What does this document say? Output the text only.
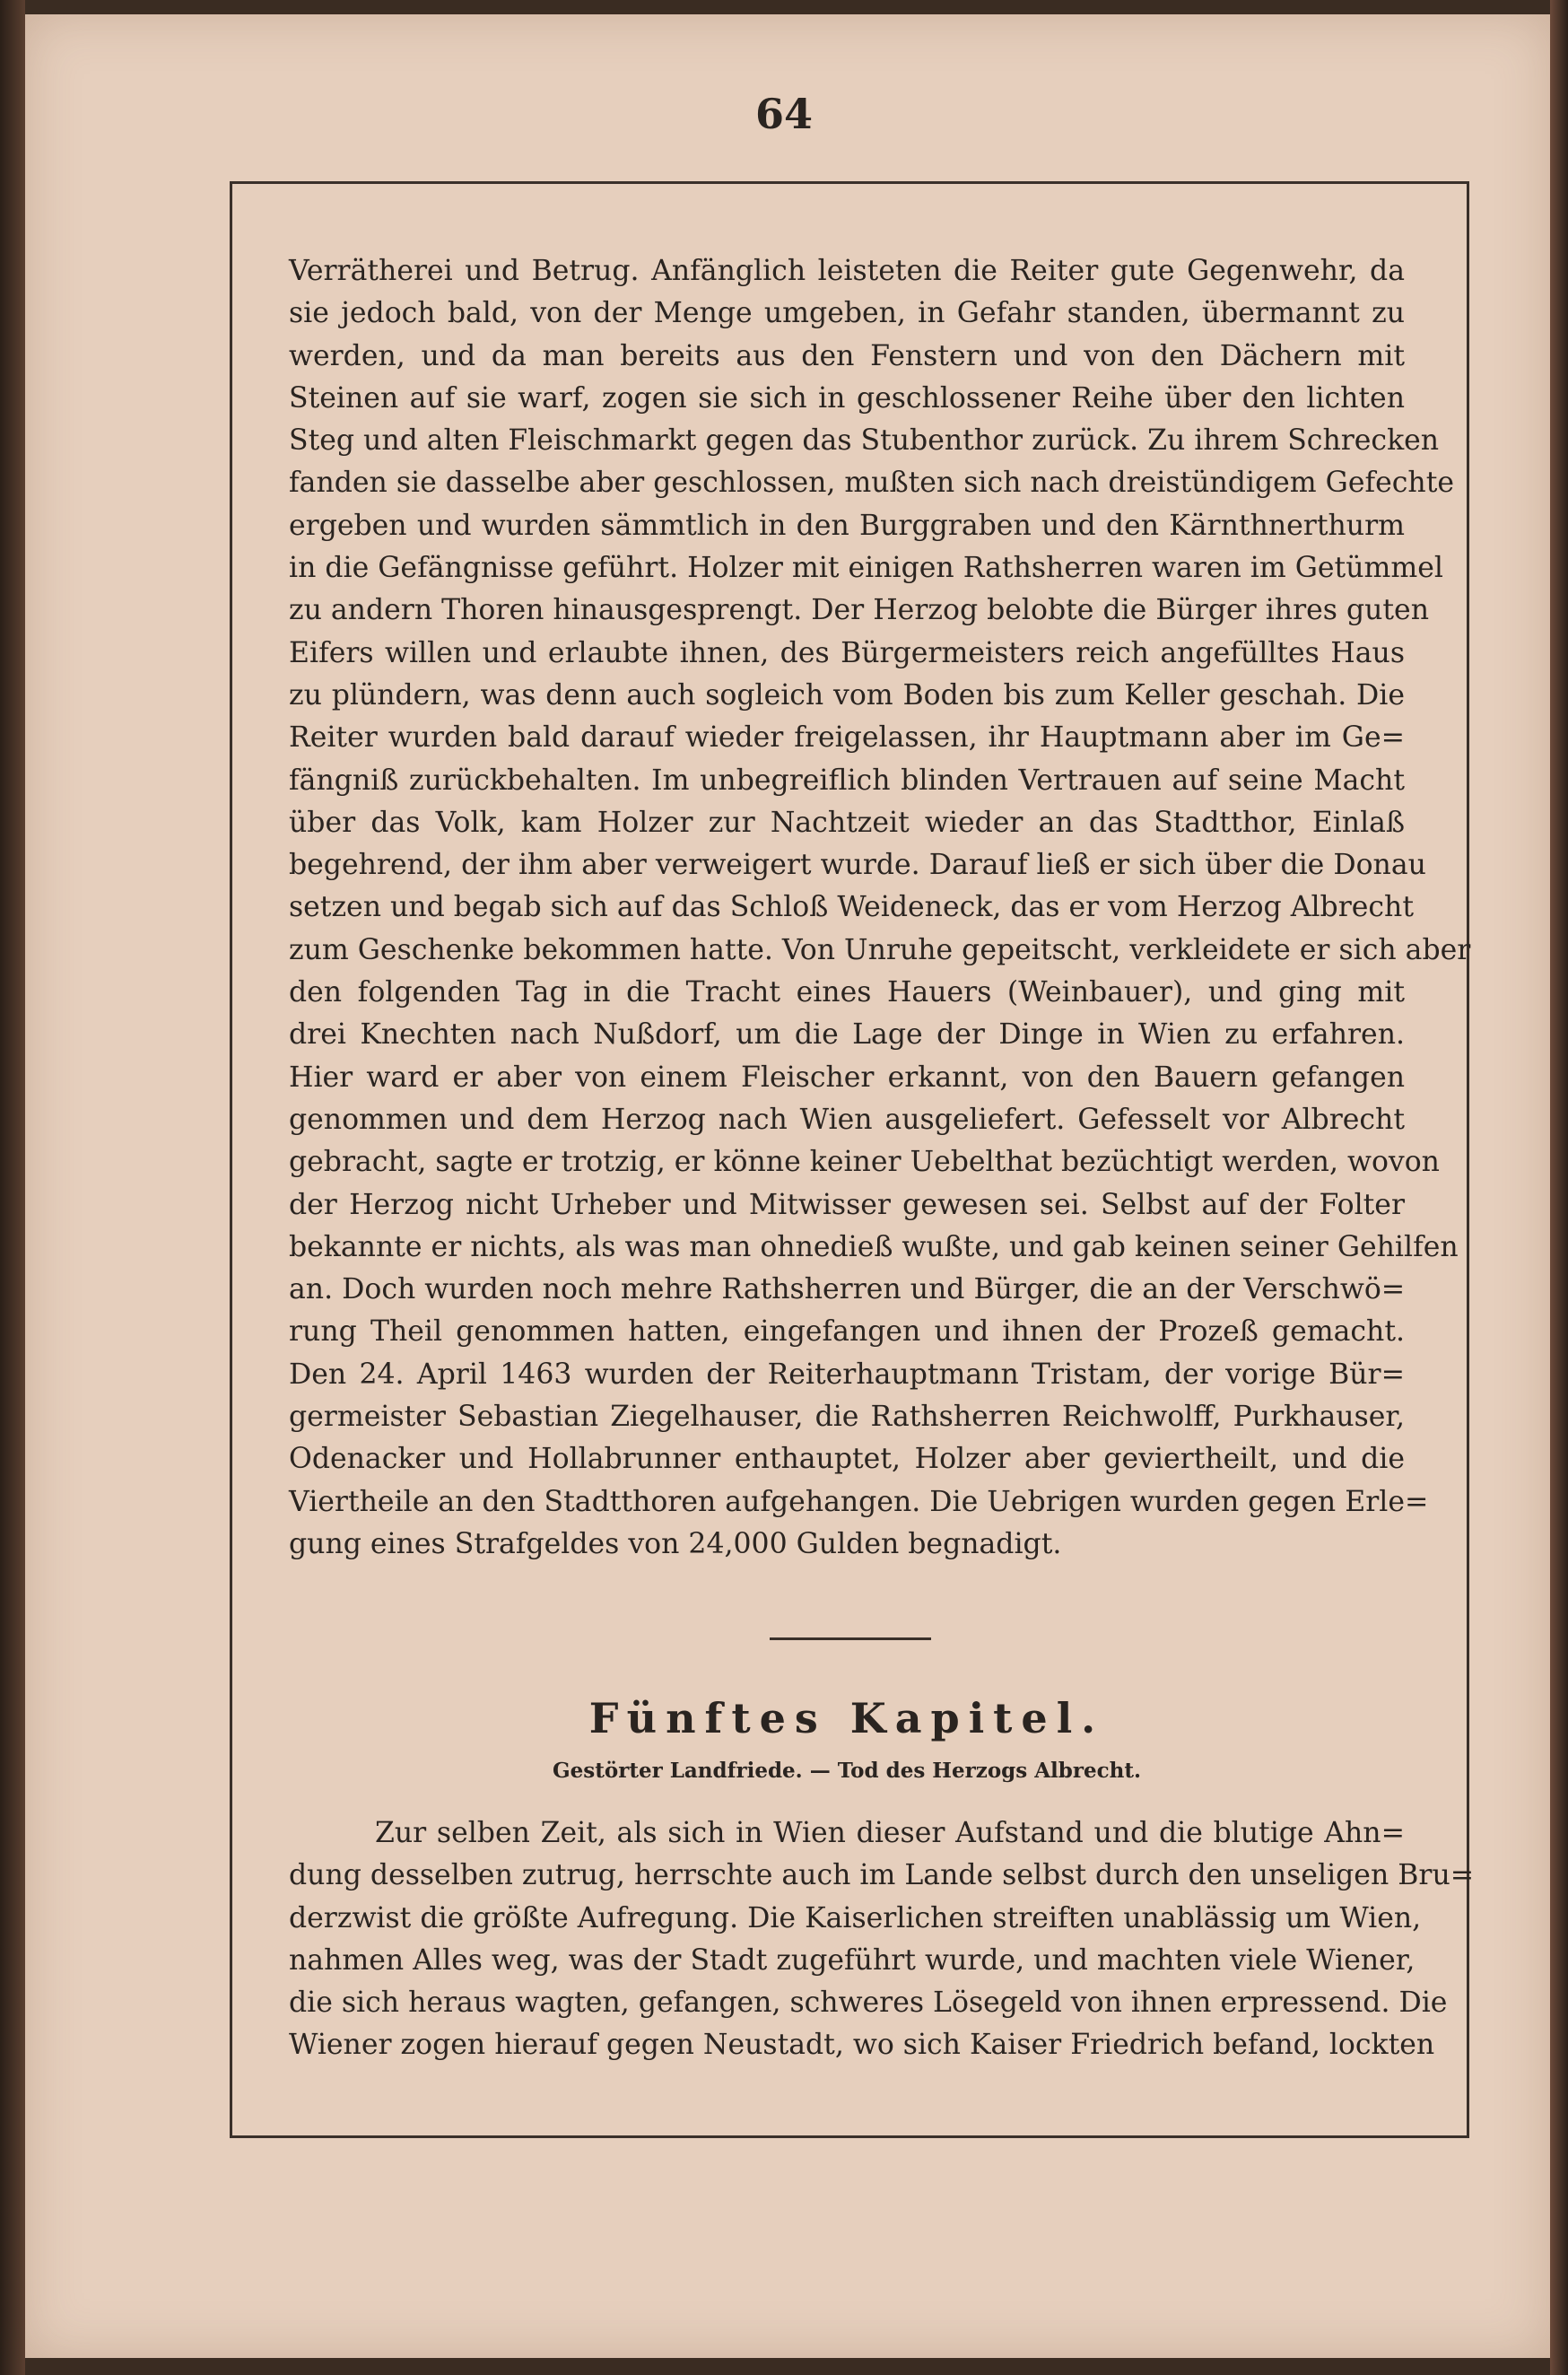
64
Verrätherei und Betrug. Anfänglich leisteten die Reiter gute Gegenwehr, da
sie jedoch bald, von der Menge umgeben, in Gefahr standen, übermannt zu
werden, und da man bereits aus den Fenstern und von den Dächern mit
Steinen auf sie warf, zogen sie sich in geschlossener Reihe über den lichten
Steg und alten Fleischmarkt gegen das Stubenthor zurück. Zu ihrem Schrecken
fanden sie dasselbe aber geschlossen, mußten sich nach dreistündigem Gefechte
ergeben und wurden sämmtlich in den Burggraben und den Kärnthnerthurm
in die Gefängnisse geführt. Holzer mit einigen Rathsherren waren im Getümmel
zu andern Thoren hinausgesprengt. Der Herzog belobte die Bürger ihres guten
Eifers willen und erlaubte ihnen, des Bürgermeisters reich angefülltes Haus
zu plündern, was denn auch sogleich vom Boden bis zum Keller geschah. Die
Reiter wurden bald darauf wieder freigelassen, ihr Hauptmann aber im Ge=
fängniß zurückbehalten. Im unbegreiflich blinden Vertrauen auf seine Macht
über das Volk, kam Holzer zur Nachtzeit wieder an das Stadtthor, Einlaß
begehrend, der ihm aber verweigert wurde. Darauf ließ er sich über die Donau
setzen und begab sich auf das Schloß Weideneck, das er vom Herzog Albrecht
zum Geschenke bekommen hatte. Von Unruhe gepeitscht, verkleidete er sich aber
den folgenden Tag in die Tracht eines Hauers (Weinbauer), und ging mit
drei Knechten nach Nußdorf, um die Lage der Dinge in Wien zu erfahren.
Hier ward er aber von einem Fleischer erkannt, von den Bauern gefangen
genommen und dem Herzog nach Wien ausgeliefert. Gefesselt vor Albrecht
gebracht, sagte er trotzig, er könne keiner Uebelthat bezüchtigt werden, wovon
der Herzog nicht Urheber und Mitwisser gewesen sei. Selbst auf der Folter
bekannte er nichts, als was man ohnedieß wußte, und gab keinen seiner Gehilfen
an. Doch wurden noch mehre Rathsherren und Bürger, die an der Verschwö=
rung Theil genommen hatten, eingefangen und ihnen der Prozeß gemacht.
Den 24. April 1463 wurden der Reiterhauptmann Tristam, der vorige Bür=
germeister Sebastian Ziegelhauser, die Rathsherren Reichwolff, Purkhauser,
Odenacker und Hollabrunner enthauptet, Holzer aber geviertheilt, und die
Viertheile an den Stadtthoren aufgehangen. Die Uebrigen wurden gegen Erle=
gung eines Strafgeldes von 24,000 Gulden begnadigt.
Fünftes Kapitel.
Gestörter Landfriede. — Tod des Herzogs Albrecht.
Zur selben Zeit, als sich in Wien dieser Aufstand und die blutige Ahn=
dung desselben zutrug, herrschte auch im Lande selbst durch den unseligen Bru=
derzwist die größte Aufregung. Die Kaiserlichen streiften unablässig um Wien,
nahmen Alles weg, was der Stadt zugeführt wurde, und machten viele Wiener,
die sich heraus wagten, gefangen, schweres Lösegeld von ihnen erpressend. Die
Wiener zogen hierauf gegen Neustadt, wo sich Kaiser Friedrich befand, lockten
